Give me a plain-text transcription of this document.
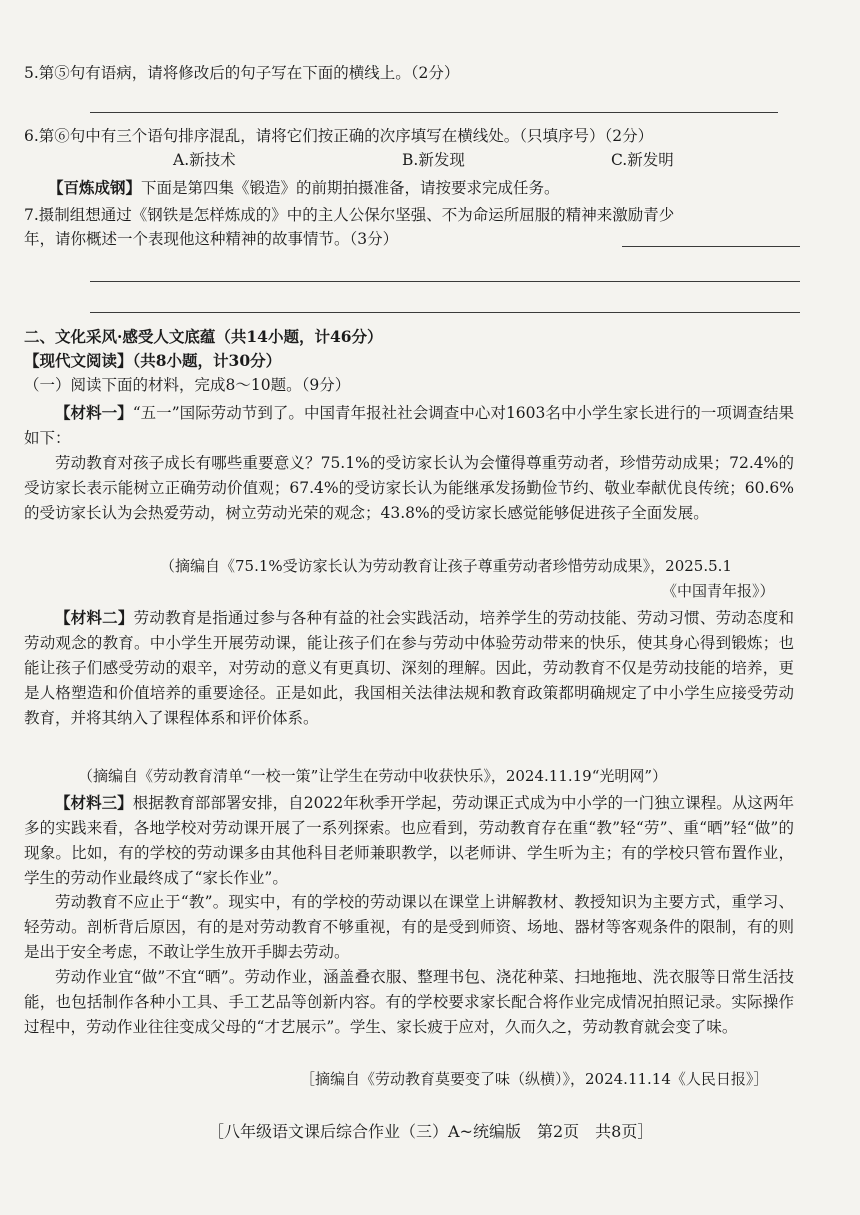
5.第⑤句有语病，请将修改后的句子写在下面的横线上。（2分）
6.第⑥句中有三个语句排序混乱，请将它们按正确的次序填写在横线处。（只填序号）（2分）
A.新技术	B.新发现	C.新发明
【百炼成钢】下面是第四集《锻造》的前期拍摄准备，请按要求完成任务。
7.摄制组想通过《钢铁是怎样炼成的》中的主人公保尔坚强、不为命运所屈服的精神来激励青少
年，请你概述一个表现他这种精神的故事情节。（3分）
二、文化采风·感受人文底蕴（共14小题，计46分）
【现代文阅读】（共8小题，计30分）
（一）阅读下面的材料，完成8～10题。（9分）
【材料一】“五一”国际劳动节到了。中国青年报社社会调查中心对1603名中小学生家长进行的一项调查结果如下：
劳动教育对孩子成长有哪些重要意义？75.1%的受访家长认为会懂得尊重劳动者，珍惜劳动成果；72.4%的受访家长表示能树立正确劳动价值观；67.4%的受访家长认为能继承发扬勤俭节约、敬业奉献优良传统；60.6%的受访家长认为会热爱劳动，树立劳动光荣的观念；43.8%的受访家长感觉能够促进孩子全面发展。
（摘编自《75.1%受访家长认为劳动教育让孩子尊重劳动者珍惜劳动成果》，2025.5.1
《中国青年报》）
【材料二】劳动教育是指通过参与各种有益的社会实践活动，培养学生的劳动技能、劳动习惯、劳动态度和劳动观念的教育。中小学生开展劳动课，能让孩子们在参与劳动中体验劳动带来的快乐，使其身心得到锻炼；也能让孩子们感受劳动的艰辛，对劳动的意义有更真切、深刻的理解。因此，劳动教育不仅是劳动技能的培养，更是人格塑造和价值培养的重要途径。正是如此，我国相关法律法规和教育政策都明确规定了中小学生应接受劳动教育，并将其纳入了课程体系和评价体系。
（摘编自《劳动教育清单“一校一策”让学生在劳动中收获快乐》，2024.11.19“光明网”）
【材料三】根据教育部部署安排，自2022年秋季开学起，劳动课正式成为中小学的一门独立课程。从这两年多的实践来看，各地学校对劳动课开展了一系列探索。也应看到，劳动教育存在重“教”轻“劳”、重“晒”轻“做”的现象。比如，有的学校的劳动课多由其他科目老师兼职教学，以老师讲、学生听为主；有的学校只管布置作业，学生的劳动作业最终成了“家长作业”。
劳动教育不应止于“教”。现实中，有的学校的劳动课以在课堂上讲解教材、教授知识为主要方式，重学习、轻劳动。剖析背后原因，有的是对劳动教育不够重视，有的是受到师资、场地、器材等客观条件的限制，有的则是出于安全考虑，不敢让学生放开手脚去劳动。
劳动作业宜“做”不宜“晒”。劳动作业，涵盖叠衣服、整理书包、浇花种菜、扫地拖地、洗衣服等日常生活技能，也包括制作各种小工具、手工艺品等创新内容。有的学校要求家长配合将作业完成情况拍照记录。实际操作过程中，劳动作业往往变成父母的“才艺展示”。学生、家长疲于应对，久而久之，劳动教育就会变了味。
［摘编自《劳动教育莫要变了味（纵横）》，2024.11.14《人民日报》］
［八年级语文课后综合作业（三）A~统编版　第2页　共8页］
